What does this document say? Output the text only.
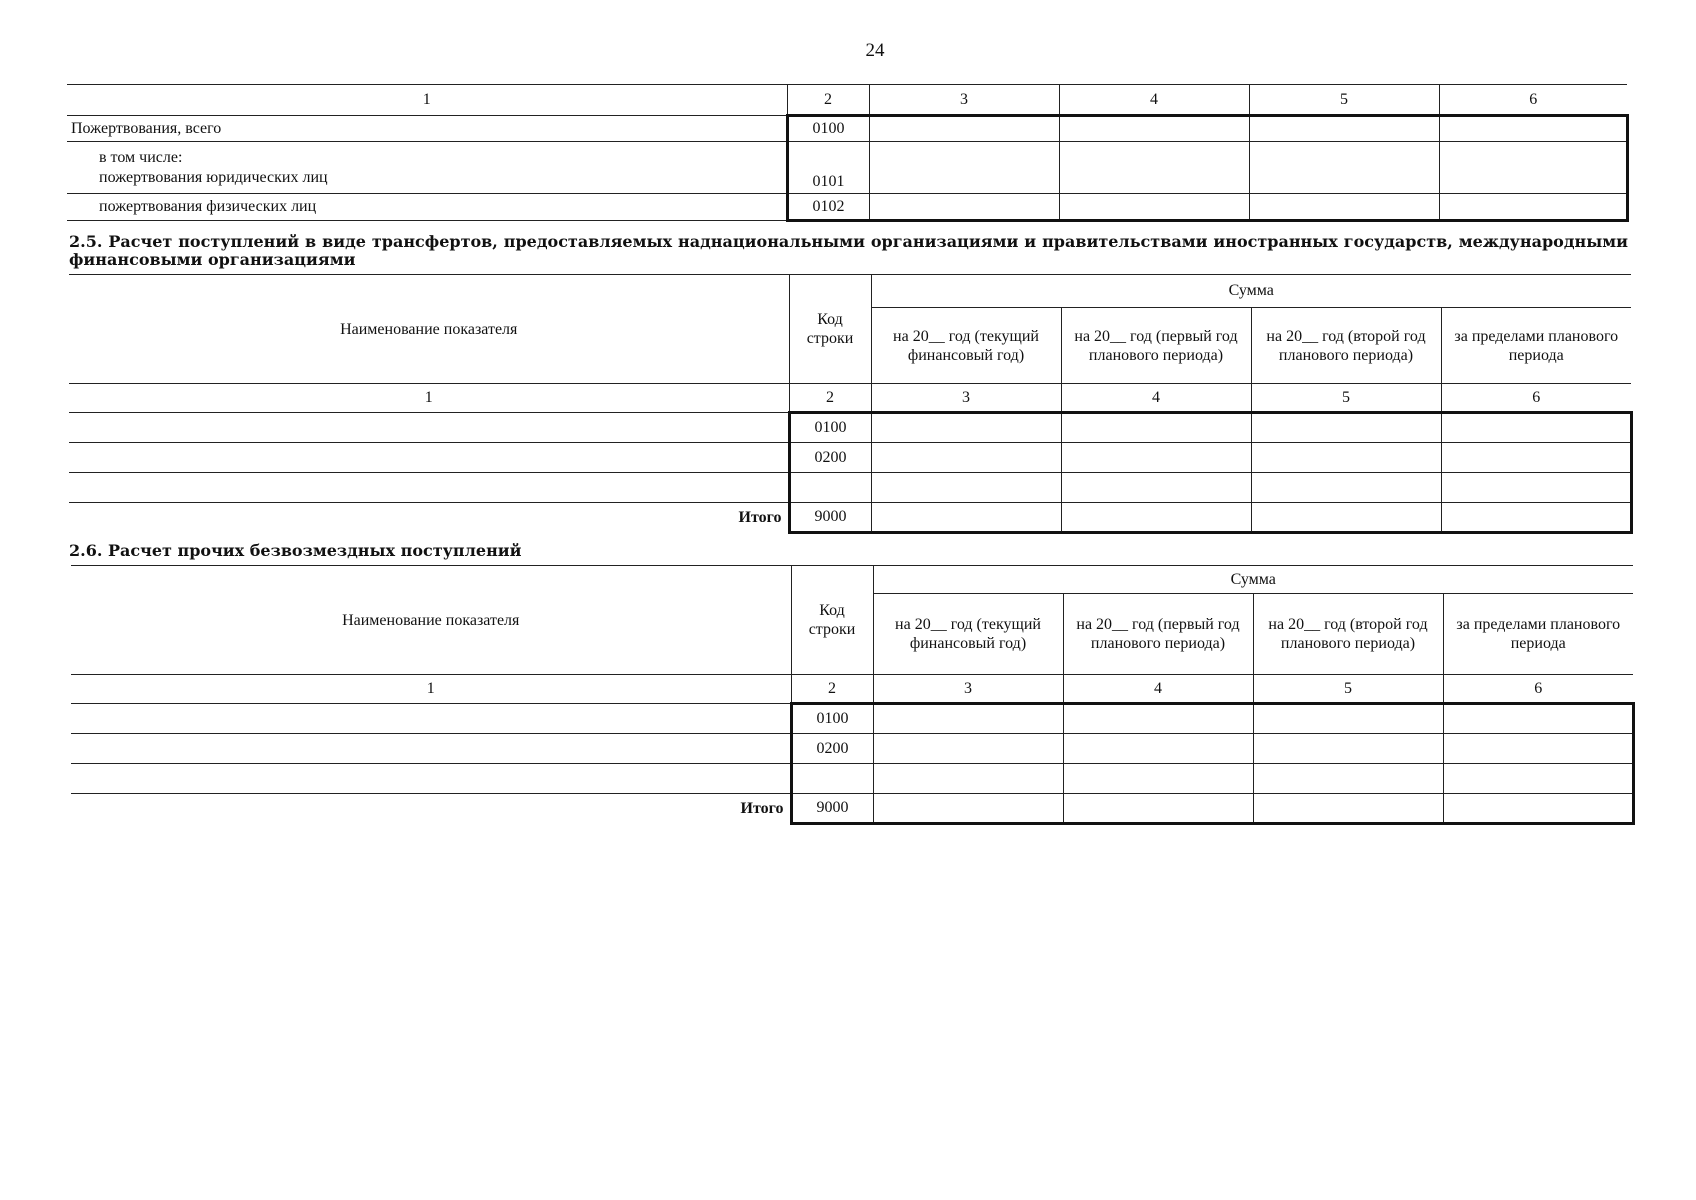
24
1	2	3	4	5	6
Пожертвования, всего	0100				

в том числе:
пожертвования юридических лиц	0101				
пожертвования физических лиц	0102				
2.5. Расчет поступлений в виде трансфертов, предоставляемых наднациональными организациями и правительствами иностранных государств, международными финансовыми организациями
Наименование показателя	Код строки	Сумма			
		на 20__ год (текущий финансовый год)	на 20__ год (первый год планового периода)	на 20__ год (второй год планового периода)	за пределами планового периода
1	2	3	4	5	6
	0100				
	0200				

Итого	9000				
2.6. Расчет прочих безвозмездных поступлений
Наименование показателя	Код строки	Сумма			
		на 20__ год (текущий финансовый год)	на 20__ год (первый год планового периода)	на 20__ год (второй год планового периода)	за пределами планового периода
1	2	3	4	5	6
	0100				
	0200				

Итого	9000				
